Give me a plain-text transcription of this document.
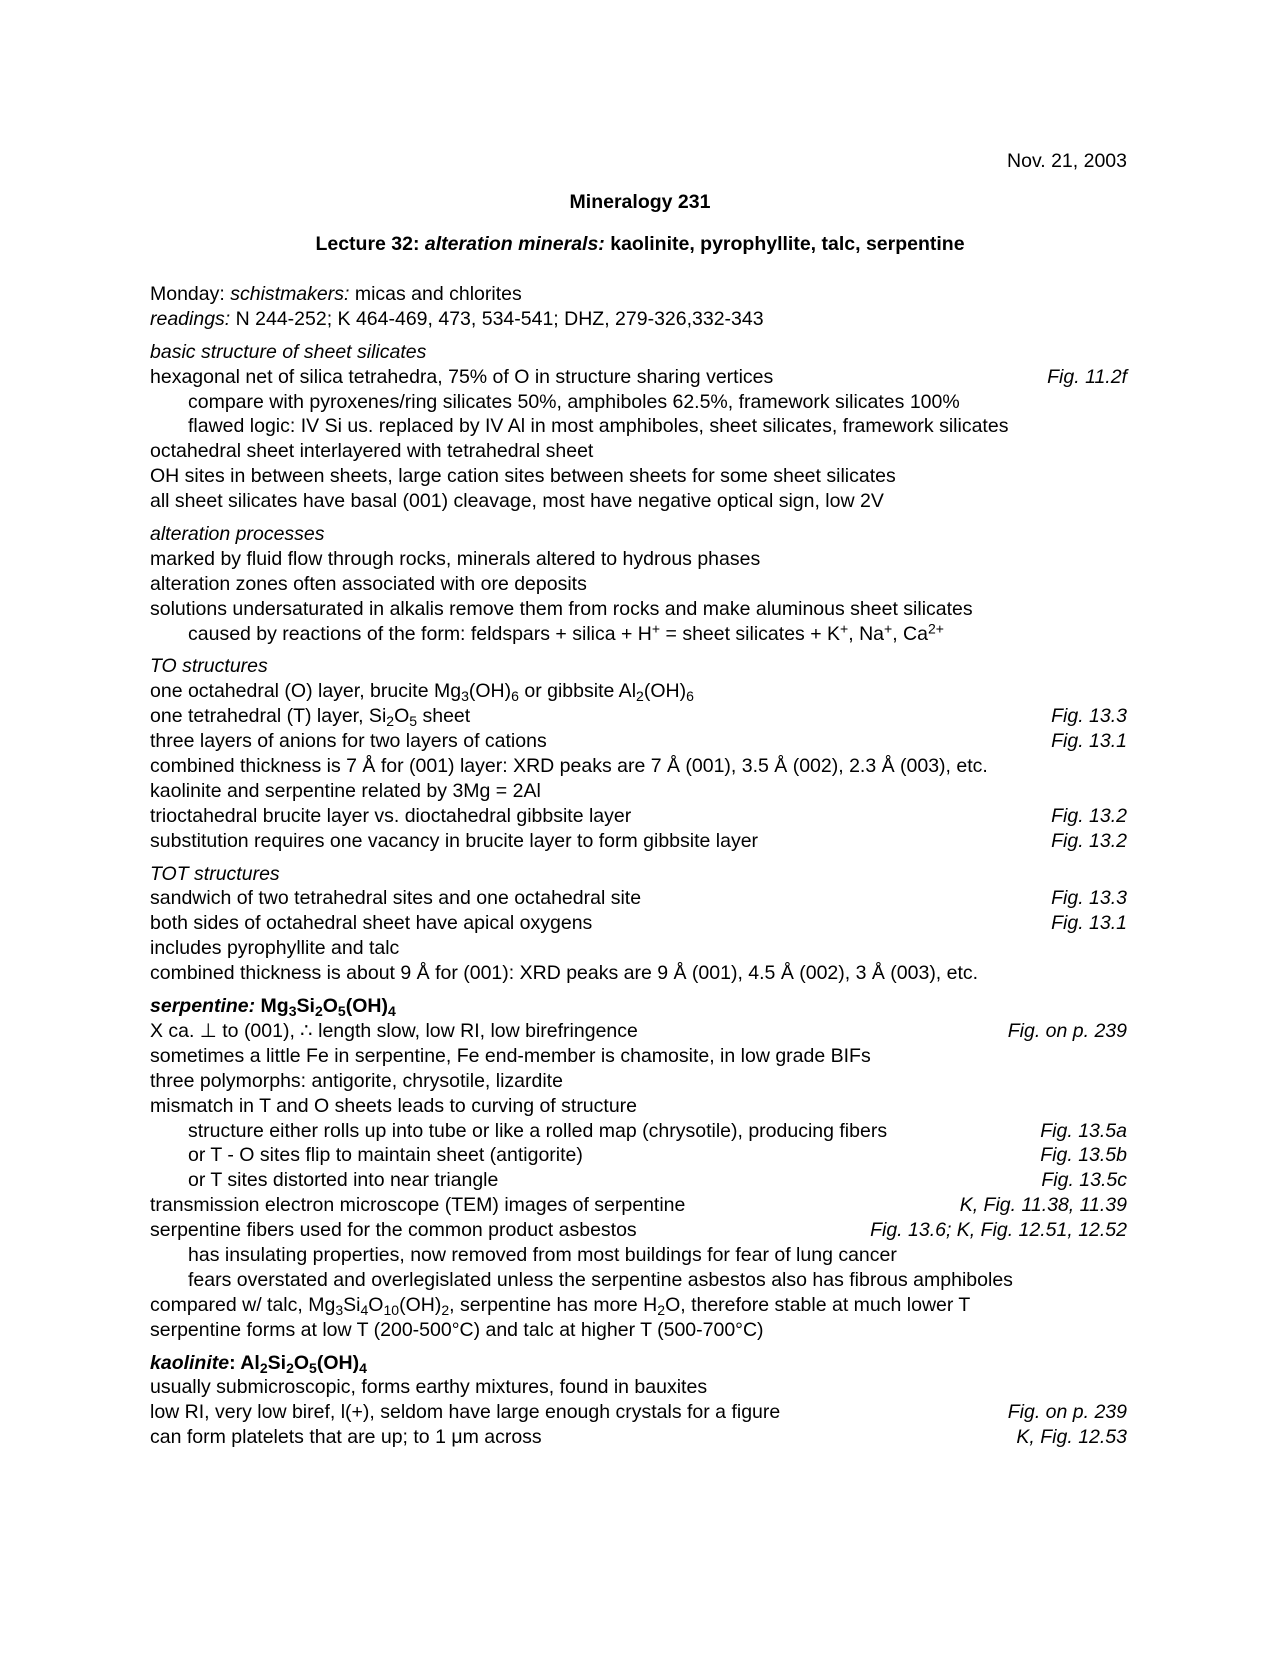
Nov. 21, 2003
Mineralogy 231
Lecture 32: alteration minerals: kaolinite, pyrophyllite, talc, serpentine
Monday: schistmakers: micas and chlorites
readings: N 244-252; K 464-469, 473, 534-541; DHZ, 279-326,332-343
basic structure of sheet silicates
hexagonal net of silica tetrahedra, 75% of O in structure sharing vertices	Fig. 11.2f
compare with pyroxenes/ring silicates 50%, amphiboles 62.5%, framework silicates 100%
flawed logic: IV Si us. replaced by IV Al in most amphiboles, sheet silicates, framework silicates
octahedral sheet interlayered with tetrahedral sheet
OH sites in between sheets, large cation sites between sheets for some sheet silicates
all sheet silicates have basal (001) cleavage, most have negative optical sign, low 2V
alteration processes
marked by fluid flow through rocks, minerals altered to hydrous phases
alteration zones often associated with ore deposits
solutions undersaturated in alkalis remove them from rocks and make aluminous sheet silicates
caused by reactions of the form: feldspars + silica + H+ = sheet silicates + K+, Na+, $Ca^{2+}$
TO structures
one octahedral (O) layer, brucite $Mg_3(OH)_6$ or gibbsite $Al_2(OH)_6$
one tetrahedral (T) layer, $Si_2O_5$ sheet	Fig. 13.3
three layers of anions for two layers of cations	Fig. 13.1
combined thickness is 7 Å for (001) layer: XRD peaks are 7 Å (001), 3.5 Å (002), 2.3 Å (003), etc.
kaolinite and serpentine related by 3Mg = 2Al
trioctahedral brucite layer vs. dioctahedral gibbsite layer	Fig. 13.2
substitution requires one vacancy in brucite layer to form gibbsite layer	Fig. 13.2
TOT structures
sandwich of two tetrahedral sites and one octahedral site	Fig. 13.3
both sides of octahedral sheet have apical oxygens	Fig. 13.1
includes pyrophyllite and talc
combined thickness is about 9 Å for (001): XRD peaks are 9 Å (001), 4.5 Å (002), 3 Å (003), etc.
serpentine: $Mg_3Si_2O_5(OH)_4$
X ca. ⊥ to (001), ∴ length slow, low RI, low birefringence	Fig. on p. 239
sometimes a little Fe in serpentine, Fe end-member is chamosite, in low grade BIFs
three polymorphs: antigorite, chrysotile, lizardite
mismatch in T and O sheets leads to curving of structure
structure either rolls up into tube or like a rolled map (chrysotile), producing fibers	Fig. 13.5a
or T - O sites flip to maintain sheet (antigorite)	Fig. 13.5b
or T sites distorted into near triangle	Fig. 13.5c
transmission electron microscope (TEM) images of serpentine	K, Fig. 11.38, 11.39
serpentine fibers used for the common product asbestos	Fig. 13.6; K, Fig. 12.51, 12.52
has insulating properties, now removed from most buildings for fear of lung cancer
fears overstated and overlegislated unless the serpentine asbestos also has fibrous amphiboles
compared w/ talc, $Mg_3Si_4O_{10}(OH)_2$, serpentine has more $H_2O$, therefore stable at much lower T
serpentine forms at low T (200-500°C) and talc at higher T (500-700°C)
kaolinite: $Al_2Si_2O_5(OH)_4$
usually submicroscopic, forms earthy mixtures, found in bauxites
low RI, very low biref, l(+), seldom have large enough crystals for a figure	Fig. on p. 239
can form platelets that are up; to 1 μm across	K, Fig. 12.53
